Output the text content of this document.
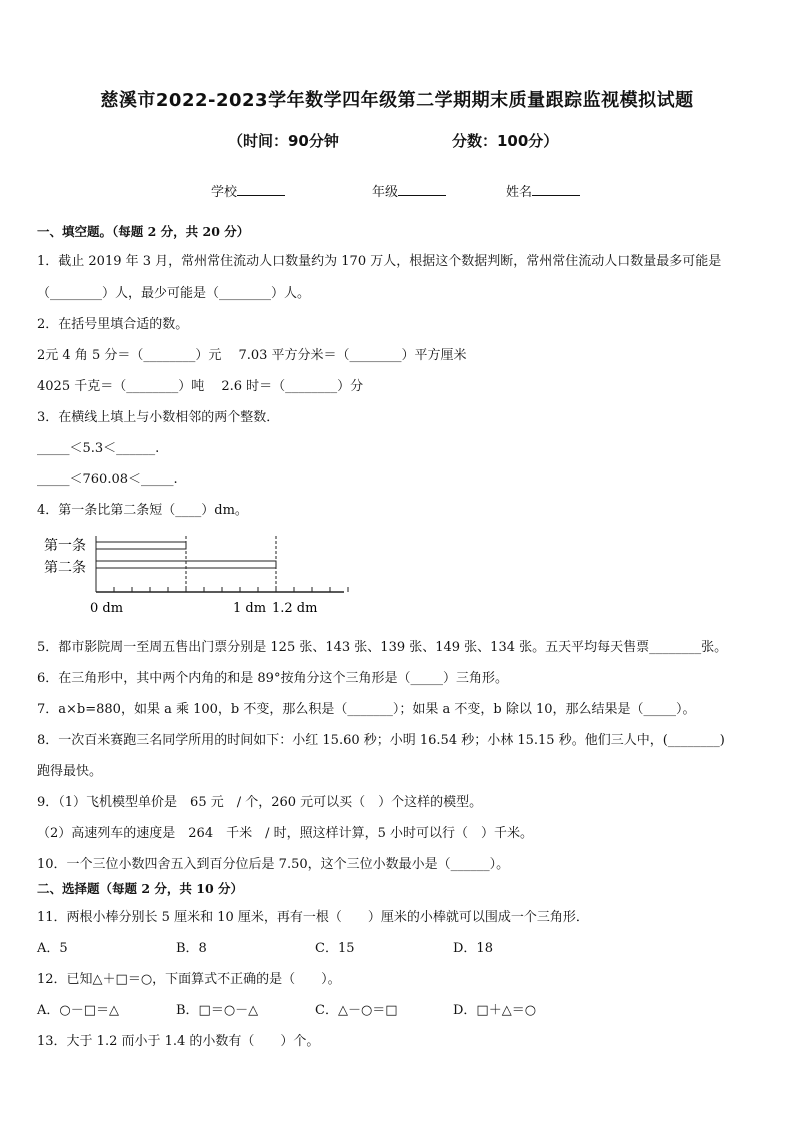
慈溪市2022-2023学年数学四年级第二学期期末质量跟踪监视模拟试题
（时间：90分钟	分数：100分）
学校	年级	姓名
一、填空题。（每题 2 分，共 20 分）
1．截止 2019 年 3 月，常州常住流动人口数量约为 170 万人，根据这个数据判断，常州常住流动人口数量最多可能是
（________）人，最少可能是（________）人。
2．在括号里填合适的数。
2元 4 角 5 分＝（________）元　 7.03 平方分米＝（________）平方厘米
4025 千克＝（________）吨　 2.6 时＝（________）分
3．在横线上填上与小数相邻的两个整数．
_____＜5.3＜______.
_____＜760.08＜_____.
4．第一条比第二条短（____）dm。
第一条
第二条
0 dm	1 dm 1.2 dm
5．都市影院周一至周五售出门票分别是 125 张、143 张、139 张、149 张、134 张。五天平均每天售票________张。
6．在三角形中，其中两个内角的和是 89°按角分这个三角形是（_____）三角形。
7．a×b=880，如果 a 乘 100，b 不变，那么积是（_______）；如果 a 不变，b 除以 10，那么结果是（_____）。
8．一次百米赛跑三名同学所用的时间如下：小红 15.60 秒；小明 16.54 秒；小林 15.15 秒。他们三人中，(________)
跑得最快。
9．（1）飞机模型单价是　65 元　/ 个，260 元可以买（　）个这样的模型。
（2）高速列车的速度是　264　千米　/ 时，照这样计算，5 小时可以行（　）千米。
10．一个三位小数四舍五入到百分位后是 7.50，这个三位小数最小是（______）。
二、选择题（每题 2 分，共 10 分）
11．两根小棒分别长 5 厘米和 10 厘米，再有一根（　　）厘米的小棒就可以围成一个三角形．
A．5	B．8	C．15	D．18
12．已知△＋□＝○，下面算式不正确的是（　　）。
A．○－□＝△	B．□＝○－△	C．△－○＝□	D．□＋△＝○
13．大于 1.2 而小于 1.4 的小数有（　　）个。
